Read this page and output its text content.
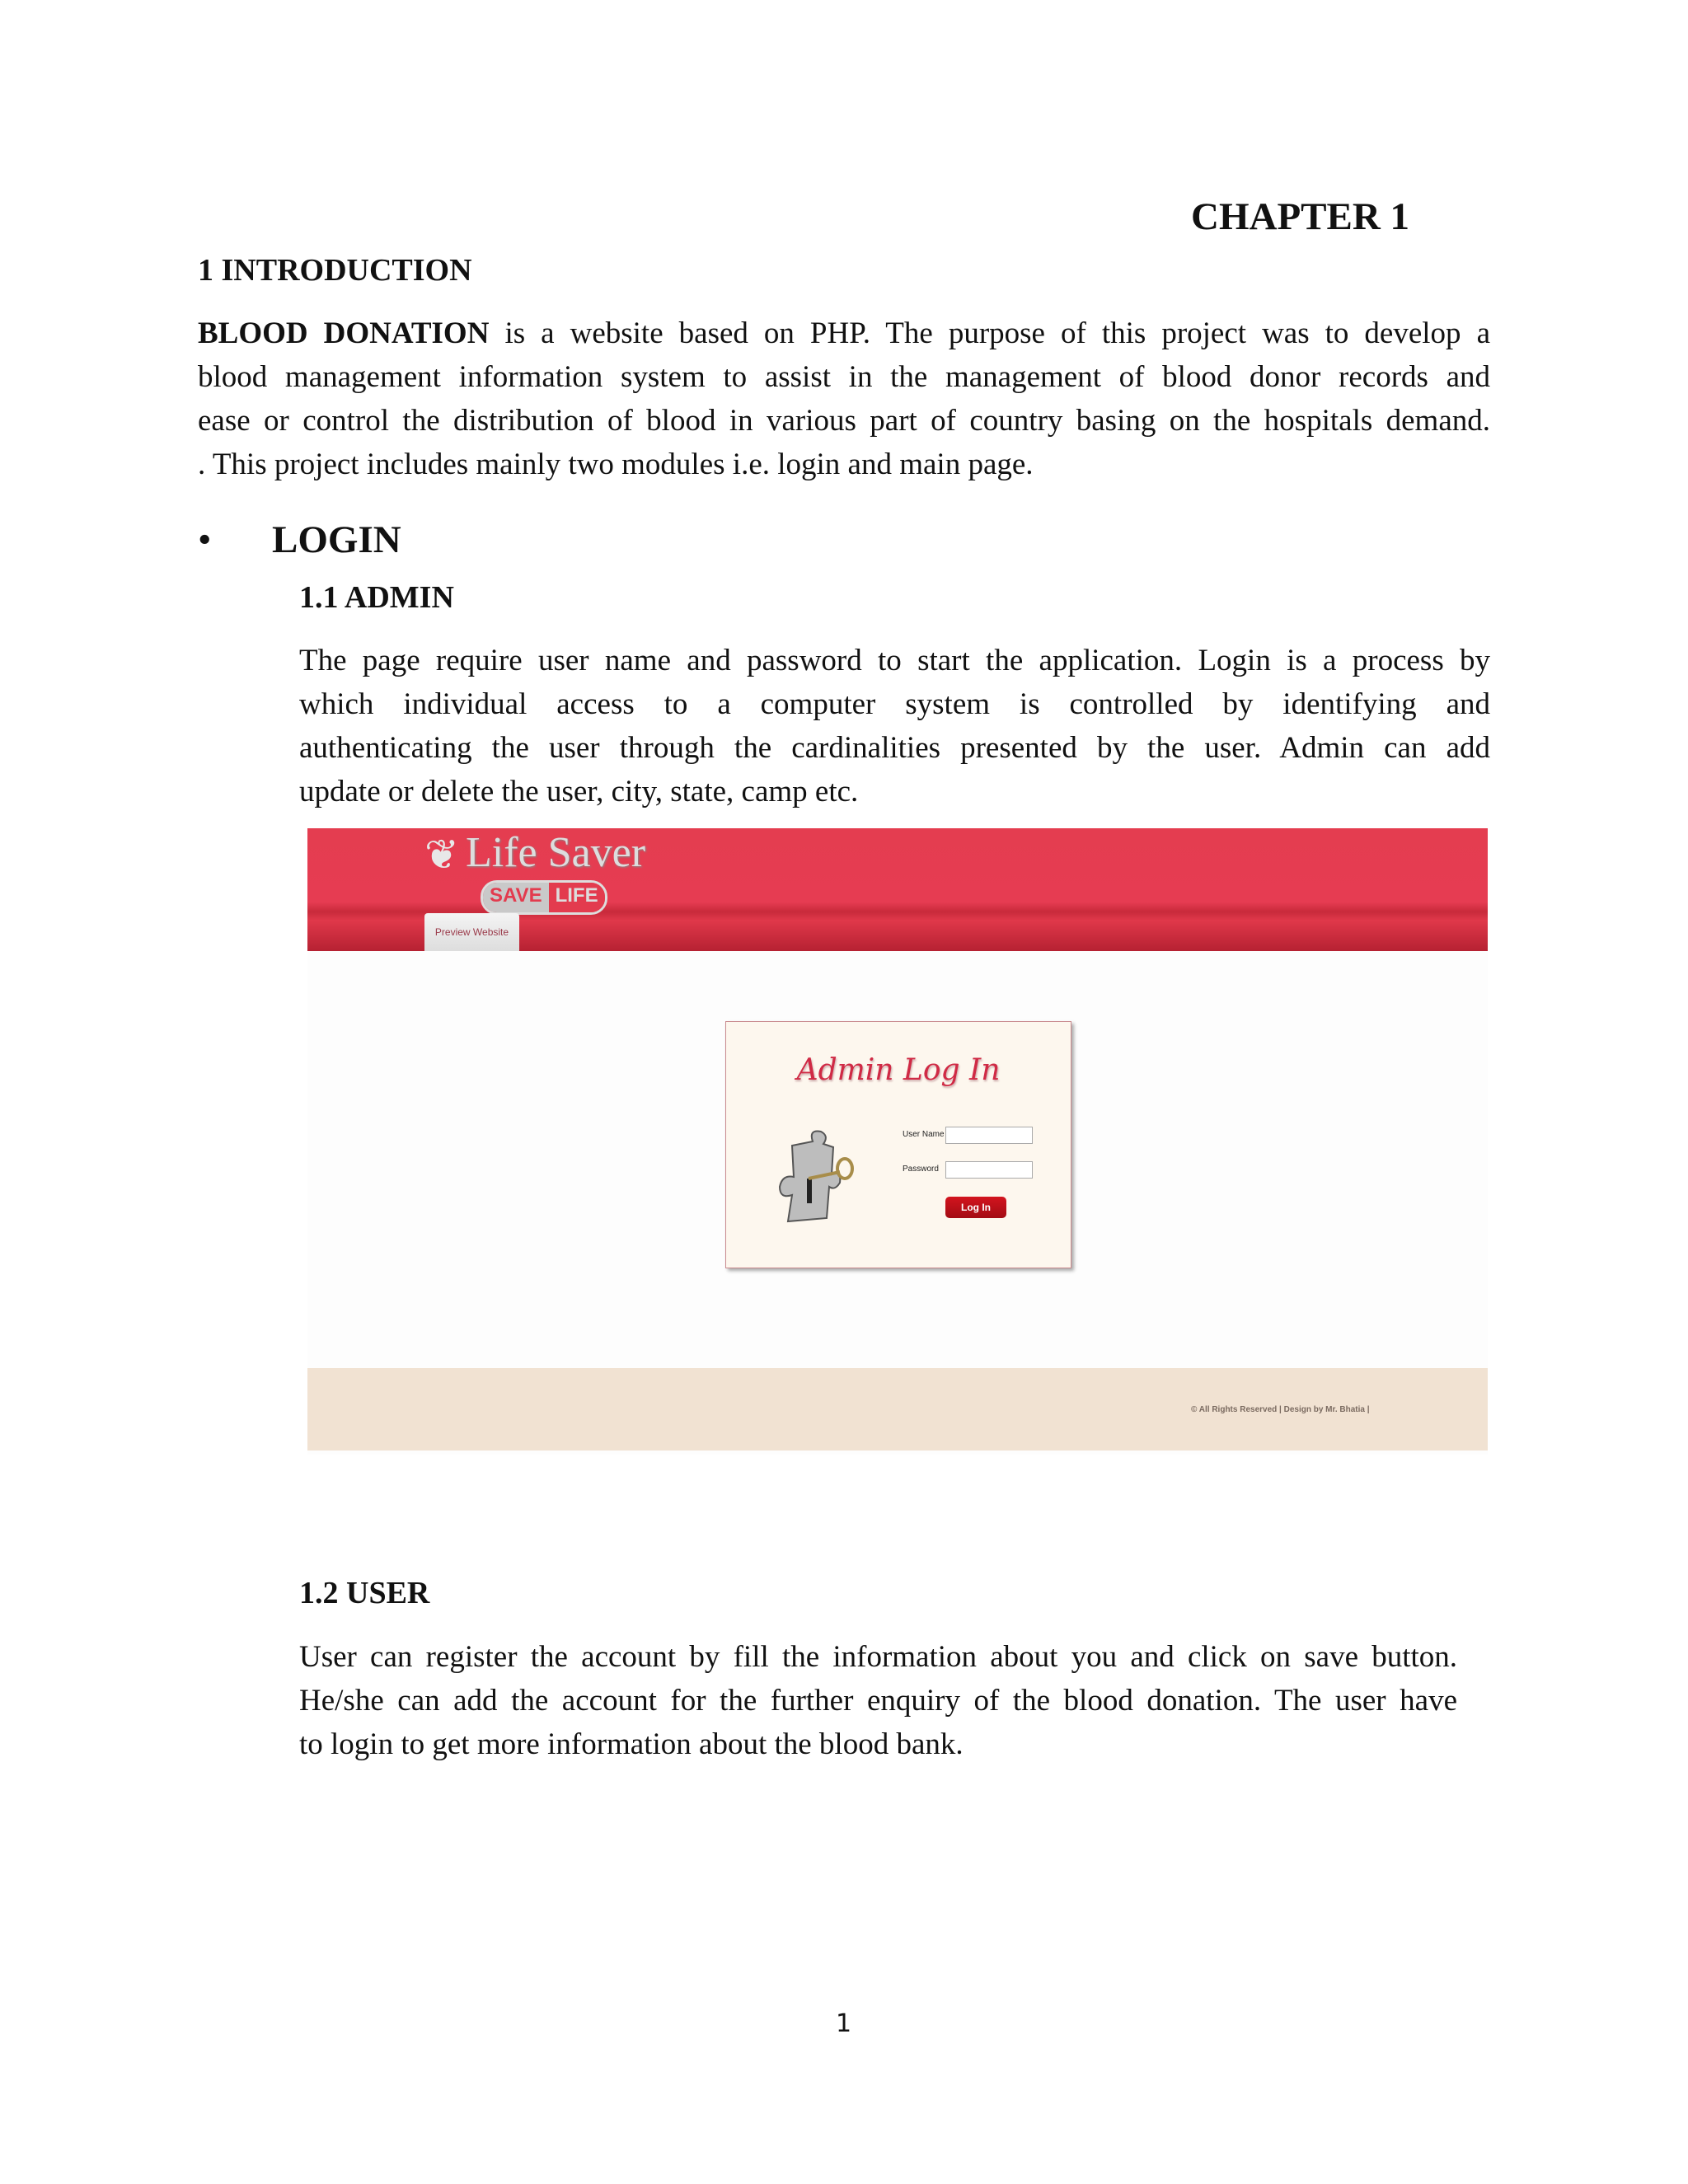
CHAPTER 1
1 INTRODUCTION
BLOOD DONATION is a website based on PHP. The purpose of this project was to develop a
blood management information system to assist in the management of blood donor records and
ease or control the distribution of blood in various part of country basing on the hospitals demand.
. This project includes mainly two modules i.e. login and main page.
• LOGIN
1.1 ADMIN
The page require user name and password to start the application. Login is a process by
which individual access to a computer system is controlled by identifying and
authenticating the user through the cardinalities presented by the user. Admin can add
update or delete the user, city, state, camp etc.
❦ Life Saver
SAVE LIFE
Preview Website
Admin Log In
User Name
Password
Log In
© All Rights Reserved | Design by Mr. Bhatia |
1.2 USER
User can register the account by fill the information about you and click on save button.
He/she can add the account for the further enquiry of the blood donation. The user have
to login to get more information about the blood bank.
1
